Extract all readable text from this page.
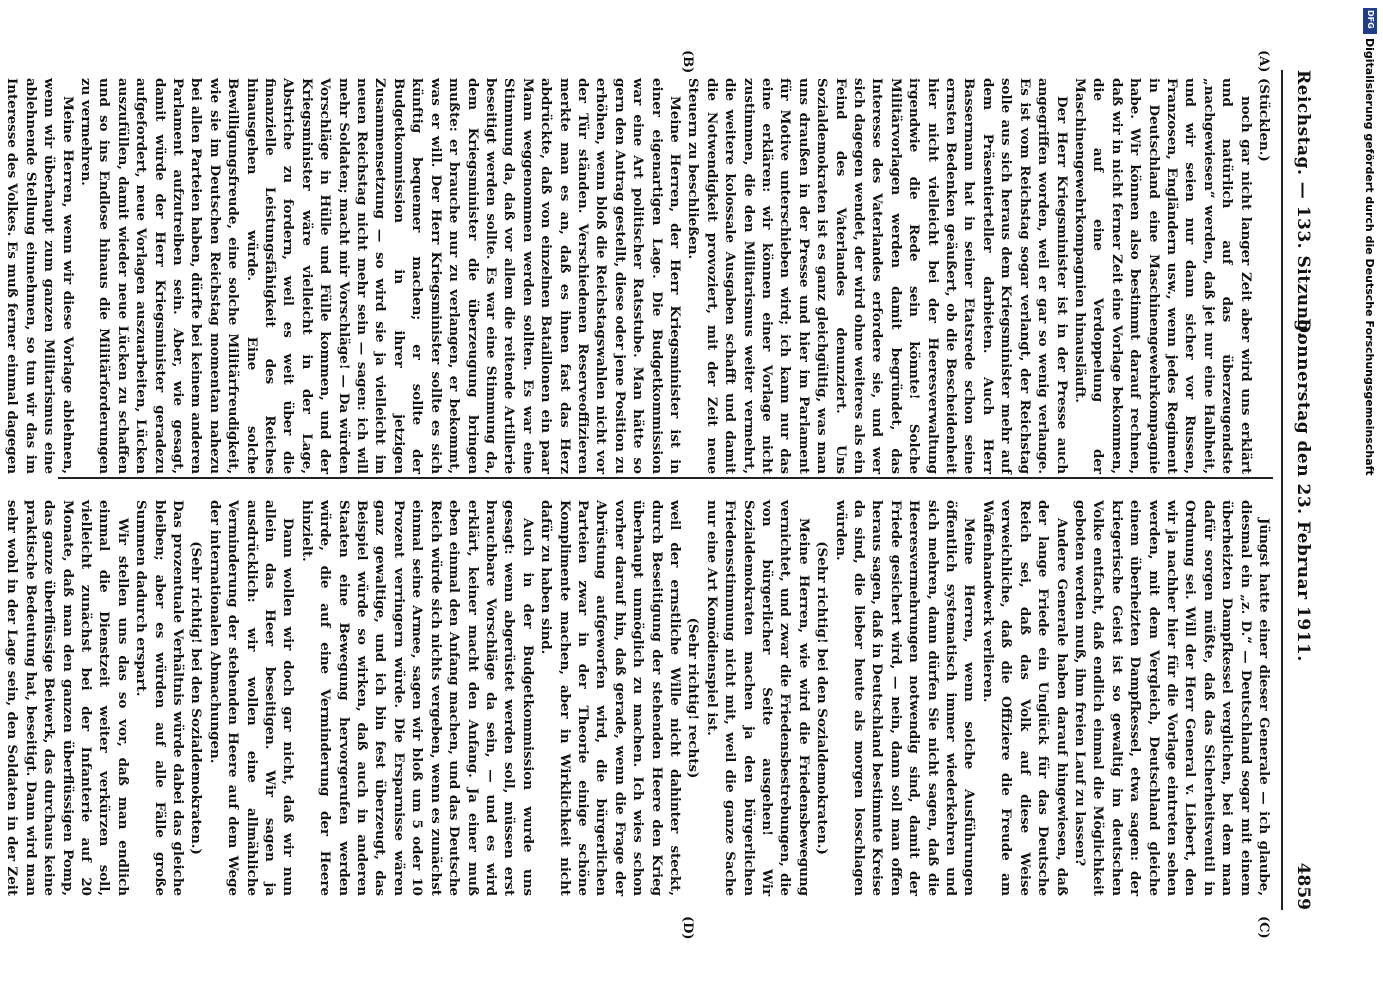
Reichstag. — 133. Sitzung.
Donnerstag den 23. Februar 1911.
4859
(A)
(B)
(C)
(D)

(Stücklen.)

noch gar nicht langer Zeit aber wird uns erklärt und natürlich auf das überzeugendste „nachgewiesen“ werden, daß jet nur eine Halbheit, und wir seien nur dann sicher vor Russen, Franzosen, Engländern usw., wenn jedes Regiment in Deutschland eine Maschinengewehrkompagnie habe. Wir können also bestimmt darauf rechnen, daß wir in nicht ferner Zeit eine Vorlage bekommen, die auf eine Verdoppelung der Maschinengewehrkompagnien hinausläuft.

Der Herr Kriegsminister ist in der Presse auch angegriffen worden, weil er gar so wenig verlange. Es ist vom Reichstag sogar verlangt, der Reichstag solle aus sich heraus dem Kriegsminister mehr auf dem Präsentierteller darbieten. Auch Herr Bassermann hat in seiner Etatsrede schon seine ernsten Bedenken geäußert, ob die Bescheidenheit hier nicht vielleicht bei der Heeresverwaltung irgendwie die Rede sein könnte! Solche Militärvorlagen werden damit begründet, das Interesse des Vaterlandes erfordere sie, und wer sich dagegen wendet, der wird ohne weiteres als ein Feind des Vaterlandes denunziert. Uns Sozialdemokraten ist es ganz gleichgültig, was man uns draußen in der Presse und hier im Parlament für Motive unterschieben wird; ich kann nur das eine erklären: wir können einer Vorlage nicht zustimmen, die den Militarismus weiter vermehrt, die weitere kolossale Ausgaben schafft und damit die Notwendigkeit provoziert, mit der Zeit neue Steuern zu beschließen.

Meine Herren, der Herr Kriegsminister ist in einer eigenartigen Lage. Die Budgetkommission war eine Art politischer Ratsstube. Man hätte so gern den Antrag gestellt, diese oder jene Position zu erhöhen, wenn bloß die Reichstagswahlen nicht vor der Tür ständen. Verschiedenen Reserveoffizieren merkte man es an, daß es ihnen fast das Herz abdrückte, daß von einzelnen Bataillonen ein paar Mann weggenommen werden sollten. Es war eine Stimmung da, daß vor allem die reitende Artillerie beseitigt werden sollte. Es war eine Stimmung da, dem Kriegsminister die überzeugung bringen mußte: er brauche nur zu verlangen, er bekommt, was er will. Der Herr Kriegsminister sollte es sich künftig bequemer machen; er sollte der Budgetkommission in ihrer jetzigen Zusammensetzung — so wird sie ja vielleicht im neuen Reichstag nicht mehr sein — sagen: ich will mehr Soldaten; macht mir Vorschläge! — Da würden Vorschläge in Hülle und Fülle kommen, und der Kriegsminister wäre vielleicht in der Lage, Abstriche zu fordern, weil es weit über die finanzielle Leistungsfähigkeit des Reiches hinausgehen würde. Eine solche Bewilligungsfreude, eine solche Militärfreudigkeit, wie sie im Deutschen Reichstag momentan nahezu bei allen Parteien haben, dürfte bei keinem anderen Parlament aufzutreiben sein. Aber, wie gesagt, damit würde der Herr Kriegsminister geradezu aufgefordert, neue Vorlagen auszuarbeiten, Lücken auszufüllen, damit wieder neue Lücken zu schaffen und so ins Endlose hinaus die Militärforderungen zu vermehren.

Meine Herren, wenn wir diese Vorlage ablehnen, wenn wir überhaupt zum ganzen Militarismus eine ablehnende Stellung einnehmen, so tun wir das im Interesse des Volkes. Es muß ferner einmal dagegen

Jüngst hatte einer dieser Generale — ich glaube, diesmal ein „z. D.“ — Deutschland sogar mit einem überheizten Dampfkessel verglichen, bei dem man dafür sorgen müßte, daß das Sicherheitsventil in Ordnung sei. Will der Herr General v. Liebert, den wir ja nachher hier für die Vorlage eintreten sehen werden, mit dem Vergleich, Deutschland gleiche einem überheizten Dampfkessel, etwa sagen: der kriegerische Geist ist so gewaltig im deutschen Volke entfacht, daß endlich einmal die Möglichkeit geboten werden muß, ihm freien Lauf zu lassen?

Andere Generale haben darauf hingewiesen, daß der lange Friede ein Unglück für das Deutsche Reich sei, daß das Volk auf diese Weise verweichliche, daß die Offiziere die Freude am Waffenhandwerk verlieren.

Meine Herren, wenn solche Ausführungen öffentlich systematisch immer wiederkehren und sich mehren, dann dürfen Sie nicht sagen, daß die Heeresvermehrungen notwendig sind, damit der Friede gesichert wird, — nein, dann soll man offen heraus sagen, daß in Deutschland bestimmte Kreise da sind, die lieber heute als morgen losschlagen würden.

(Sehr richtig! bei den Sozialdemokraten.)

Meine Herren, wie wird die Friedensbewegung vernichtet, und zwar die Friedensbestrebungen, die von bürgerlicher Seite ausgehen! Wir Sozialdemokraten machen ja den bürgerlichen Friedensstimmung nicht mit, weil die ganze Sache nur eine Art Komödienspiel ist.

(Sehr richtig! rechts)

weil der ernstliche Wille nicht dahinter steckt, durch Beseitigung der stehenden Heere den Krieg überhaupt unmöglich zu machen. Ich wies schon vorher darauf hin, daß gerade, wenn die Frage der Abrüstung aufgeworfen wird, die bürgerlichen Parteien zwar in der Theorie einige schöne Komplimente machen, aber in Wirklichkeit nicht dafür zu haben sind.

Auch in der Budgetkommission wurde uns gesagt: wenn abgerüstet werden soll, müssen erst brauchbare Vorschläge da sein, — und es wird erklärt, keiner macht den Anfang. Ja einer muß eben einmal den Anfang machen, und das Deutsche Reich würde sich nichts vergeben, wenn es zunächst einmal seine Armee, sagen wir bloß um 5 oder 10 Prozent verringern würde. Die Ersparnisse wären ganz gewaltige, und ich bin fest überzeugt, das Beispiel würde so wirken, daß auch in anderen Staaten eine Bewegung hervorgerufen werden würde, die auf eine Verminderung der Heere hinzielt.

Dann wollen wir doch gar nicht, daß wir nun allein das Heer beseitigen. Wir sagen ja ausdrücklich: wir wollen eine allmähliche Verminderung der stehenden Heere auf dem Wege der internationalen Abmachungen.

(Sehr richtig! bei den Sozialdemokraten.)

Das prozentuale Verhältnis würde dabei das gleiche bleiben; aber es würden auf alle Fälle große Summen dadurch erspart.

Wir stellen uns das so vor, daß man endlich einmal die Dienstzeit weiter verkürzen soll, vielleicht zunächst bei der Infanterie auf 20 Monate, daß man den ganzen überflüssigen Pomp, das ganze überflüssige Beiwerk, das durchaus keine praktische Bedeutung hat, beseitigt. Dann wird man sehr wohl in der Lage sein, den Soldaten in der Zeit

DFG
Digitalisierung gefördert durch die Deutsche Forschungsgemeinschaft
